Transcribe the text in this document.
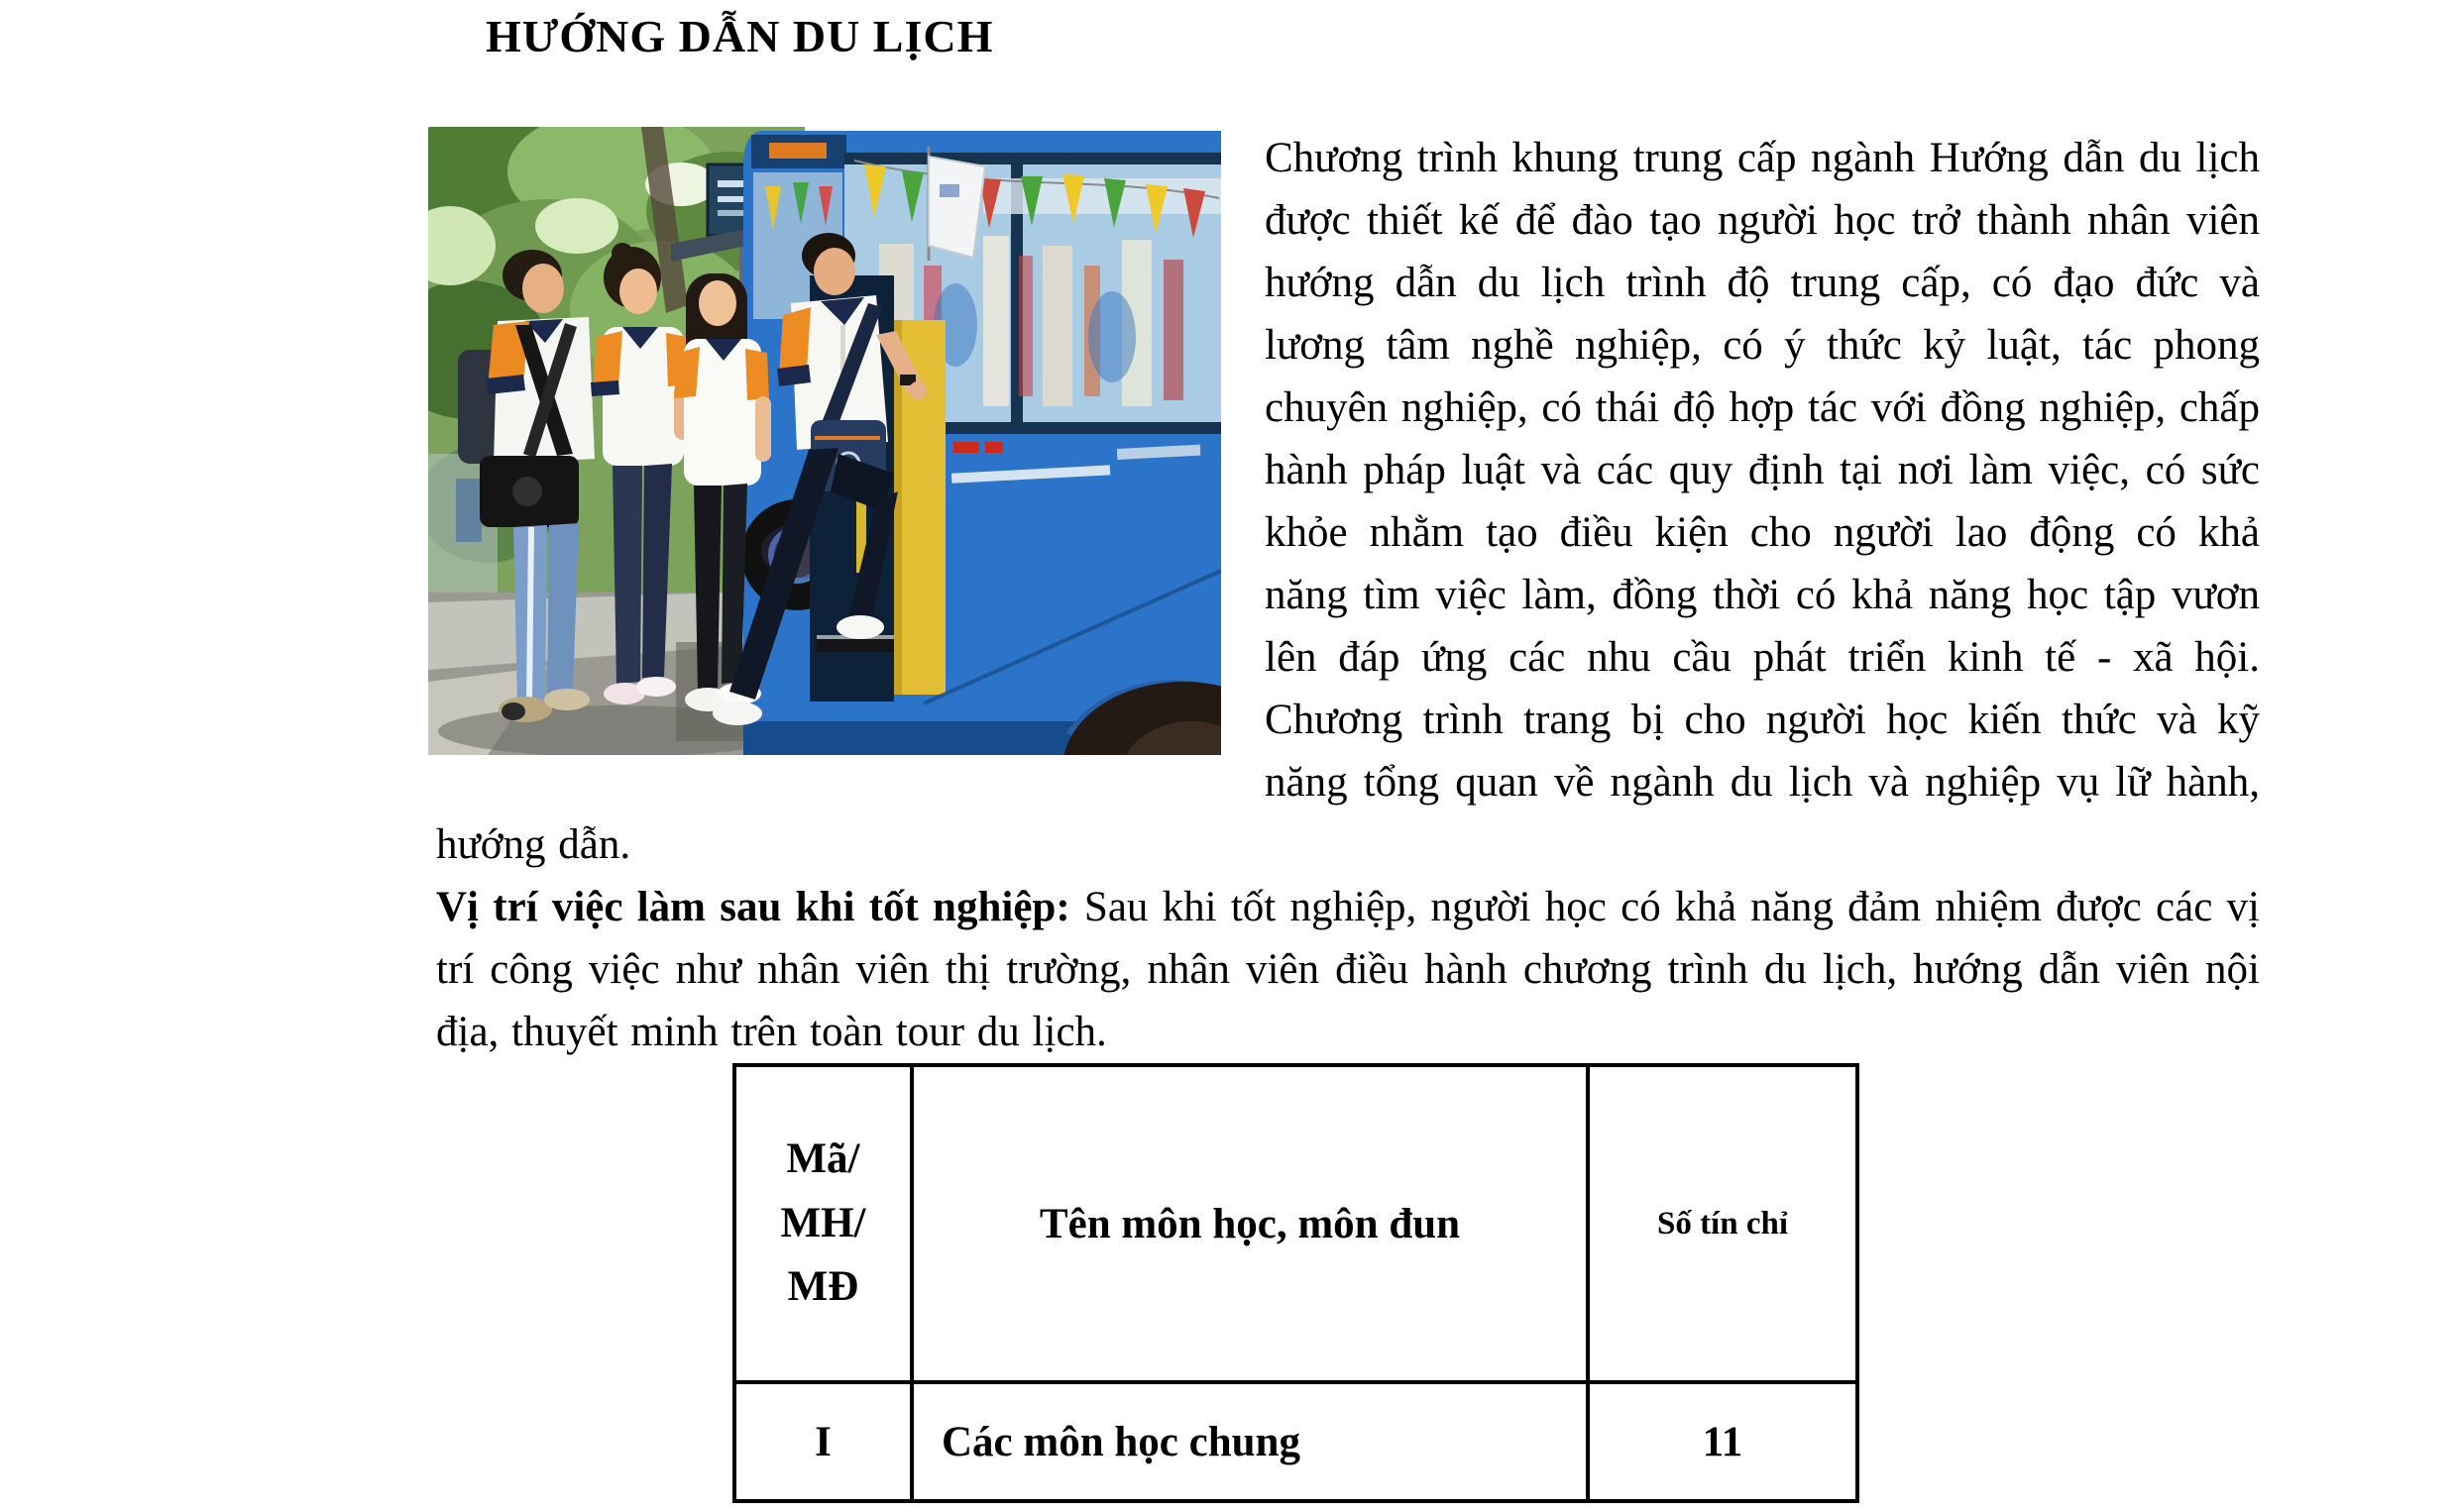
HƯỚNG DẪN DU LỊCH

Chương trình khung trung cấp ngành Hướng dẫn du lịch được thiết kế để đào tạo người học trở thành nhân viên hướng dẫn du lịch trình độ trung cấp, có đạo đức và lương tâm nghề nghiệp, có ý thức kỷ luật, tác phong chuyên nghiệp, có thái độ hợp tác với đồng nghiệp, chấp hành pháp luật và các quy định tại nơi làm việc, có sức khỏe nhằm tạo điều kiện cho người lao động có khả năng tìm việc làm, đồng thời có khả năng học tập vươn lên đáp ứng các nhu cầu phát triển kinh tế - xã hội. Chương trình trang bị cho người học kiến thức và kỹ năng tổng quan về ngành du lịch và nghiệp vụ lữ hành, hướng dẫn.

Vị trí việc làm sau khi tốt nghiệp: Sau khi tốt nghiệp, người học có khả năng đảm nhiệm được các vị trí công việc như nhân viên thị trường, nhân viên điều hành chương trình du lịch, hướng dẫn viên nội địa, thuyết minh trên toàn tour du lịch.

Mã/
MH/
MĐ	Tên môn học, môn đun	Số tín chỉ
I	Các môn học chung	11
